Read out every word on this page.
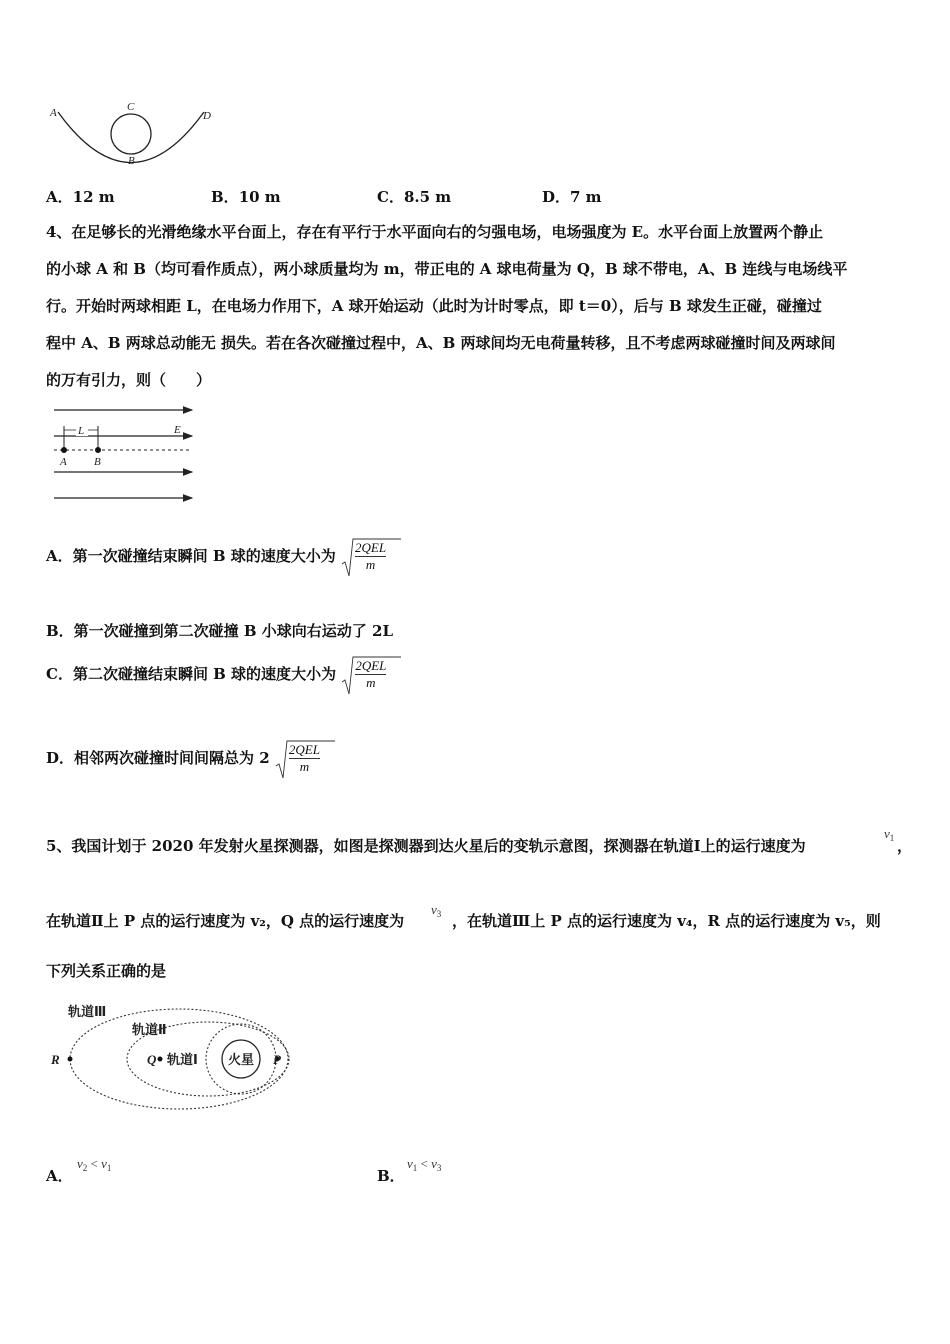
A	C
D
B
A．12 m	B．10 m	C．8.5 m	D．7 m
4、在足够长的光滑绝缘水平台面上，存在有平行于水平面向右的匀强电场，电场强度为 E。水平台面上放置两个静止
的小球 A 和 B（均可看作质点），两小球质量均为 m，带正电的 A 球电荷量为 Q，B 球不带电，A、B 连线与电场线平
行。开始时两球相距 L，在电场力作用下，A 球开始运动（此时为计时零点，即 t＝0），后与 B 球发生正碰，碰撞过
程中 A、B 两球总动能无 损失。若在各次碰撞过程中，A、B 两球间均无电荷量转移，且不考虑两球碰撞时间及两球间
的万有引力，则（　　）
L	E
A B
A．第一次碰撞结束瞬间 B 球的速度大小为 $\frac{\text{2QEL}}{m}$
B．第一次碰撞到第二次碰撞 B 小球向右运动了 2L
C．第二次碰撞结束瞬间 B 球的速度大小为 $\frac{\text{2QEL}}{m}$
D．相邻两次碰撞时间间隔总为 $2 \frac{\text{2QEL}}{m}$
5、我国计划于 2020 年发射火星探测器，如图是探测器到达火星后的变轨示意图，探测器在轨道Ⅰ上的运行速度为
$v_1$ ，
在轨道Ⅱ上 P 点的运行速度为 v₂，Q 点的运行速度为
$v_3$ ，在轨道Ⅲ上 P 点的运行速度为 v₄，R 点的运行速度为 v₅，则
下列关系正确的是
轨道Ⅲ
轨道Ⅱ
轨道Ⅰ 火星
R	Q	P
A．
$v_2 < v_1$	B．
$v_1 < v_3$
